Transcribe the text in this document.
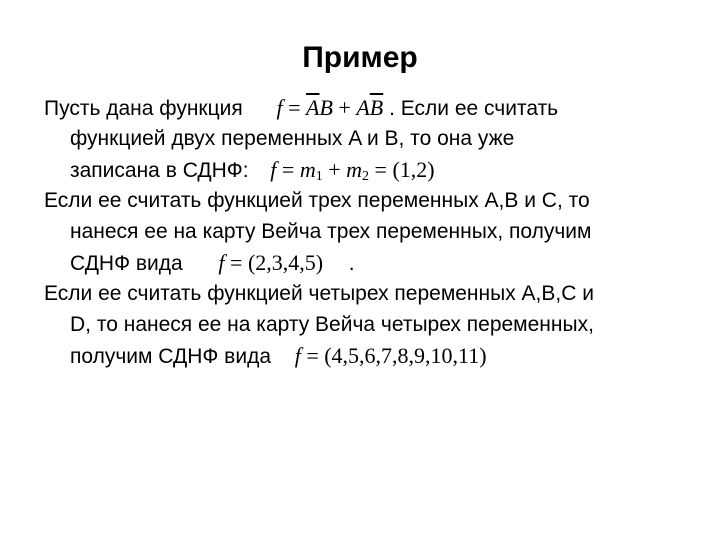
Пример
Пусть дана функция $f = \overline{A}B + A\overline{B}$ . Если ее считать
функцией двух переменных A и B, то она уже
записана в СДНФ: $f = m_1 + m_2 = (1,2)$
Если ее считать функцией трех переменных A,B и C, то
нанеся ее на карту Вейча трех переменных, получим
СДНФ вида f = (2,3,4,5) .
Если ее считать функцией четырех переменных A,B,C и
D, то нанеся ее на карту Вейча четырех переменных,
получим СДНФ вида f = (4,5,6,7,8,9,10,11)
